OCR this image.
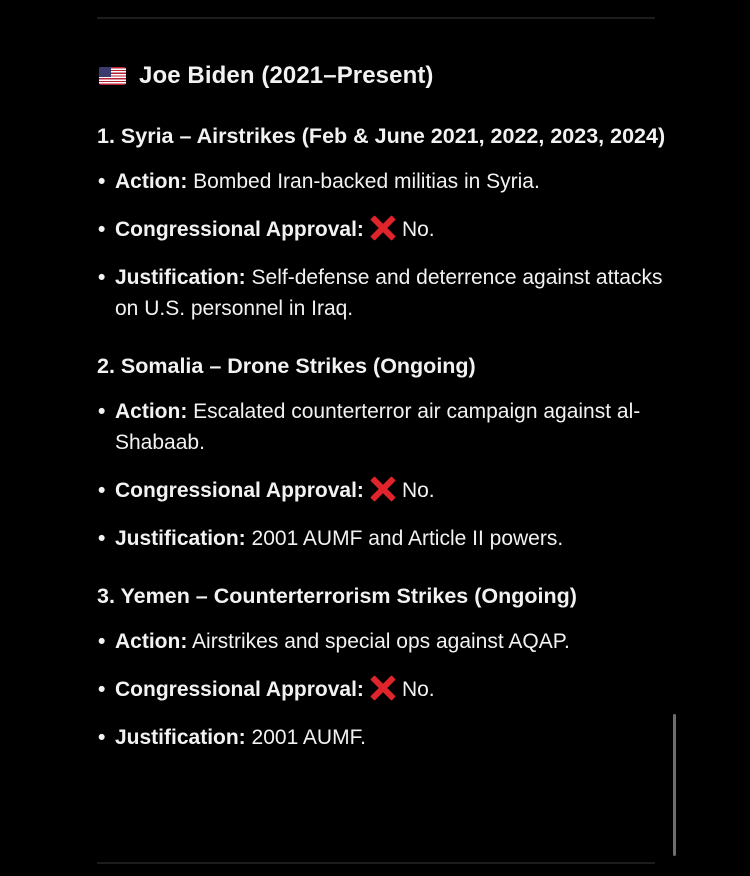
Joe Biden (2021–Present)
1. Syria – Airstrikes (Feb & June 2021, 2022, 2023, 2024)
• Action: Bombed Iran-backed militias in Syria.
• Congressional Approval: No.
• Justification: Self-defense and deterrence against attacks on U.S. personnel in Iraq.
2. Somalia – Drone Strikes (Ongoing)
• Action: Escalated counterterror air campaign against al-Shabaab.
• Congressional Approval: No.
• Justification: 2001 AUMF and Article II powers.
3. Yemen – Counterterrorism Strikes (Ongoing)
• Action: Airstrikes and special ops against AQAP.
• Congressional Approval: No.
• Justification: 2001 AUMF.
